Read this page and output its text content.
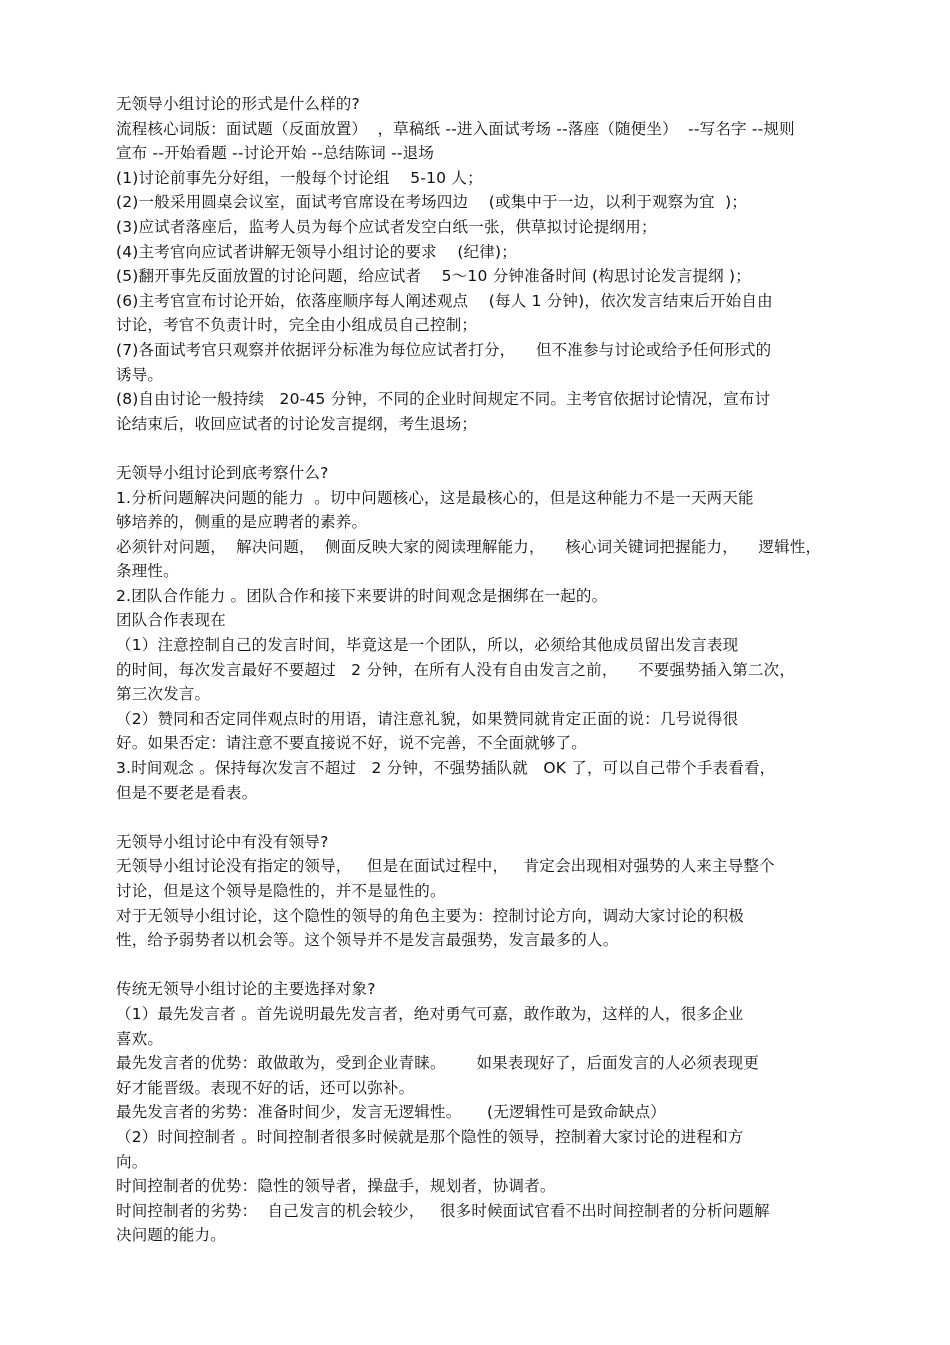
无领导小组讨论的形式是什么样的?
流程核心词版：面试题（反面放置）  ，草稿纸 --进入面试考场 --落座（随便坐）  --写名字 --规则
宣布 --开始看题 --讨论开始 --总结陈词 --退场
(1)讨论前事先分好组，一般每个讨论组    5-10 人；
(2)一般采用圆桌会议室，面试考官席设在考场四边    (或集中于一边，以利于观察为宜  )；
(3)应试者落座后，监考人员为每个应试者发空白纸一张，供草拟讨论提纲用；
(4)主考官向应试者讲解无领导小组讨论的要求    (纪律)；
(5)翻开事先反面放置的讨论问题，给应试者    5～10 分钟准备时间 (构思讨论发言提纲 )；
(6)主考官宣布讨论开始，依落座顺序每人阐述观点    (每人 1 分钟)，依次发言结束后开始自由
讨论，考官不负责计时，完全由小组成员自己控制；
(7)各面试考官只观察并依据评分标准为每位应试者打分，    但不准参与讨论或给予任何形式的
诱导。
(8)自由讨论一般持续   20-45 分钟，不同的企业时间规定不同。主考官依据讨论情况，宣布讨
论结束后，收回应试者的讨论发言提纲，考生退场；
无领导小组讨论到底考察什么?
1.分析问题解决问题的能力  。切中问题核心，这是最核心的，但是这种能力不是一天两天能
够培养的，侧重的是应聘者的素养。
必须针对问题，  解决问题，  侧面反映大家的阅读理解能力，    核心词关键词把握能力，    逻辑性，
条理性。
2.团队合作能力 。团队合作和接下来要讲的时间观念是捆绑在一起的。
团队合作表现在
（1）注意控制自己的发言时间，毕竟这是一个团队，所以，必须给其他成员留出发言表现
的时间，每次发言最好不要超过   2 分钟，在所有人没有自由发言之前，    不要强势插入第二次，
第三次发言。
（2）赞同和否定同伴观点时的用语，请注意礼貌，如果赞同就肯定正面的说：几号说得很
好。如果否定：请注意不要直接说不好，说不完善，不全面就够了。
3.时间观念 。保持每次发言不超过   2 分钟，不强势插队就   OK 了，可以自己带个手表看看，
但是不要老是看表。
无领导小组讨论中有没有领导?
无领导小组讨论没有指定的领导，   但是在面试过程中，   肯定会出现相对强势的人来主导整个
讨论，但是这个领导是隐性的，并不是显性的。
对于无领导小组讨论，这个隐性的领导的角色主要为：控制讨论方向，调动大家讨论的积极
性，给予弱势者以机会等。这个领导并不是发言最强势，发言最多的人。
传统无领导小组讨论的主要选择对象?
（1）最先发言者 。首先说明最先发言者，绝对勇气可嘉，敢作敢为，这样的人，很多企业
喜欢。
最先发言者的优势：敢做敢为，受到企业青睐。      如果表现好了，后面发言的人必须表现更
好才能晋级。表现不好的话，还可以弥补。
最先发言者的劣势：准备时间少，发言无逻辑性。     (无逻辑性可是致命缺点）
（2）时间控制者 。时间控制者很多时候就是那个隐性的领导，控制着大家讨论的进程和方
向。
时间控制者的优势：隐性的领导者，操盘手，规划者，协调者。
时间控制者的劣势：  自己发言的机会较少，   很多时候面试官看不出时间控制者的分析问题解
决问题的能力。
